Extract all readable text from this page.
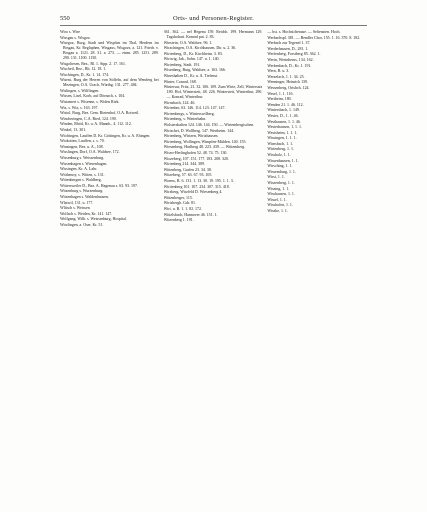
550	Orts- und Personen-Register.

Wiro s. Wire

Wissgau s. Wisgoz.

Wisegoz, Burg, Stadt und Wispfirn im Thal, Herdern im Brsgau, Kr. Reglaphen, Wisgaus, Wisgozs, a. 121. Friedr. v. Brsgau a. 1121. 28. 31. a. 273. — einm. 285. 1251. 289. 290. 131. 1100. 1150.

Wisgoltesen, Bez., Bl. 1. Sipp. 2. 17. 161.

Wischeil, Bez., Bh. 12. 18. 1.

Wischingen, D., Kr. 1. 14. 174.

Wiseni, Burg der Herren von Stiffeln, auf dem Wenderg bei Mezingen, O.A. Urach, Würtbg. 131. 277. 484.

Wislingen, s. Wilflingen.

Wissen, Lisel, Korb, auf Dörnach, s. 104.

Wistamert s. Wisenne, s. Widen Riek.

Wiz, s. Wiz, s. 163. 197.

Wistol, Burg, Bez. Gem. Rietenhof, O.A. Rotweil.

Wincheringen, C.A. Ried, 124. 190.

Winden, Rhöd, Kr. u. A. Mannh., 4. 112. 112.

Winkel, 13. 301.

Wiofringen, Lauffen D. Kr. Göttingen, Kr. u. A. Ehingen.

Wiokotten, Lauffen, s. s. 70.

Winzingen, Bez. u. A., 108.

Wisslingen, Dorf, O.A. Waldsee, 172.

Wissenburg s. Weissenburg.

Wissenhagen s. Wiesenhagen.

Wissingen, Kr. A. Lahr.

Witthenoy, s. Witten, s. 131.

Wittenbergen s. Waldberg.

Wittersweiler D., Bez. A. Hagenau s. 63. 93. 197.

Witzenburg s. Wurzenburg.

Witzenhagen s. Waldenhausen.

Wlatwil, 131. u. 177.

Wlitsch s. Weissen

Wolfach s. Weiden, Kr. 141. 147.

Wolfgang, Wilh. s. Weissenburg, Hospital.

Wirzlingen, a. Oser, Kr. 51.

361. 362. — nel Hegena 159. Reichh. 199. Hermann 129. Tagsbohart. Konrad pat. 2. 83.

Winstein, O.A. Waldsee, 96. 1.

Wirachingen, O.A. Kirchhausen, Dir. u. 2. 36.

Wirtenberg, D., Kr. Kirchheim. 3. 83.

Wirtwig, Jak., Sohn. 147. u. 1. 140.

Wirtenberg, Stadt. 191.

Wisenherg, Burg, Waldsee, a. 163. 166.

Wineshalten D., Kr. u. A. Tiefenst.

Winter, Conrad, 168.

Wintersur, Fritz, 21. 32. 106. 109. Zum Wirte, Zell, Wintersatz 180. Hof, Wintersteit, 48. 226. Wintersteit, Winterthur, 290. — Konrad, Winterthur.

Wirnsbach, 124. 46.

Wirtenber, 63. 146. 114. 123. 147. 147.

Wirtembergs, s. Winterswilberg.

Wirtenberg, s. Winterhahn.

Wolsiershalten 124. 146. 144. 150. — Wirtembergischen.

Wirtschet, D. Wollberg. 147. Wertheim. 144.

Wirtenherg, Wirtzen, Wirtzhausen.

Wirtenberg, Wollingen, Wimpfen-Mülden. 140. 155.

Wiesenberg, Harlberg 48. 223. 439. — Wittemberg.

Wiseo-Herlinghofen 52. 48. 74. 75. 130.

Wiozeberg, 107. 151. 177. 183. 208. 320.

Wirtenberg 214. 344. 389.

Wittenberg, Grafen 23. 34. 38.

Witzeberg, 57. 63. 67. 93. 105.

Worms, B. 6. 131. 1. 13. 30. 19. 195. 1. 1. 3.

Wirttenberg 101. 107. 234. 307. 315. 418.

Wirzberg, Wirzfeld D. Wiesenberg 4.

Wittenberger, 115.

Wirtsbergh. Gdr. 81.

Wirt. u. B. 1. 1. 82. 172.

Wittelsbach, Hannover 46. 151. 1.

Witzenberg 1. 191.

— bst. s. Hochstiftenuse. — Seltensten. Hoch.

Werbachspl. 381. — Bendler Chor, 155. 1. 16. 370. 8. 182.

Werbach zur Tegenel 1. 37.

Werderhausen, D., 281. 1.

Werfenberg, Forstberg 85. 362. 1.

Werin, Werinherus, 134. 162.

Werbenbach, D., Kr. 1. 191.

Wern, B. u. 3.

Werzelach, 1. 1. 34. 25.

Wenninger, Heinrich 139.

Wessenberg, Ortshch, 124.

Wesel, 1. 1. 116.

Wertheim, 180.

Wenden 21. 1. 46. 112.

Wintersbach, 1. 149.

Wester, D., 1. 1. 46.

Westhausen, 1. 1. 46.

Westerhausen, 1. 1. 1.

Westsheim, 1. 1. 1.

Wissingen, 1. 1. 1.

Wirnsbach, 1. 1.

Wirtenberg, 1. 1.

Wissholz, 1. 1.

Wissenhausen, 1. 1.

Wirsching, 1. 1.

Wissemburg, 1. 1.

Wirst, 1. 1.

Wiszenberg, 1. 1.

Wiszing, 1. 1.

Wisshausen, 1. 1.

Wissel, 1. 1.

Wisshofen, 1. 1.

Wiszke, 1. 1.
